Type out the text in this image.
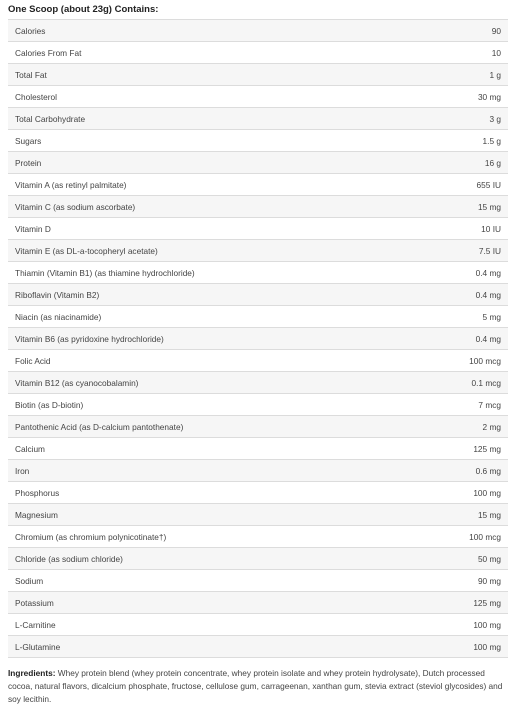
One Scoop (about 23g) Contains:
Calories	90
Calories From Fat	10
Total Fat	1 g
Cholesterol	30 mg
Total Carbohydrate	3 g
Sugars	1.5 g
Protein	16 g
Vitamin A (as retinyl palmitate)	655 IU
Vitamin C (as sodium ascorbate)	15 mg
Vitamin D	10 IU
Vitamin E (as DL-a-tocopheryl acetate)	7.5 IU
Thiamin (Vitamin B1) (as thiamine hydrochloride)	0.4 mg
Riboflavin (Vitamin B2)	0.4 mg
Niacin (as niacinamide)	5 mg
Vitamin B6 (as pyridoxine hydrochloride)	0.4 mg
Folic Acid	100 mcg
Vitamin B12 (as cyanocobalamin)	0.1 mcg
Biotin (as D-biotin)	7 mcg
Pantothenic Acid (as D-calcium pantothenate)	2 mg
Calcium	125 mg
Iron	0.6 mg
Phosphorus	100 mg
Magnesium	15 mg
Chromium (as chromium polynicotinate†)	100 mcg
Chloride (as sodium chloride)	50 mg
Sodium	90 mg
Potassium	125 mg
L-Carnitine	100 mg
L-Glutamine	100 mg
Ingredients: Whey protein blend (whey protein concentrate, whey protein isolate and whey protein hydrolysate), Dutch processed cocoa, natural flavors, dicalcium phosphate, fructose, cellulose gum, carrageenan, xanthan gum, stevia extract (steviol glycosides) and soy lecithin.
